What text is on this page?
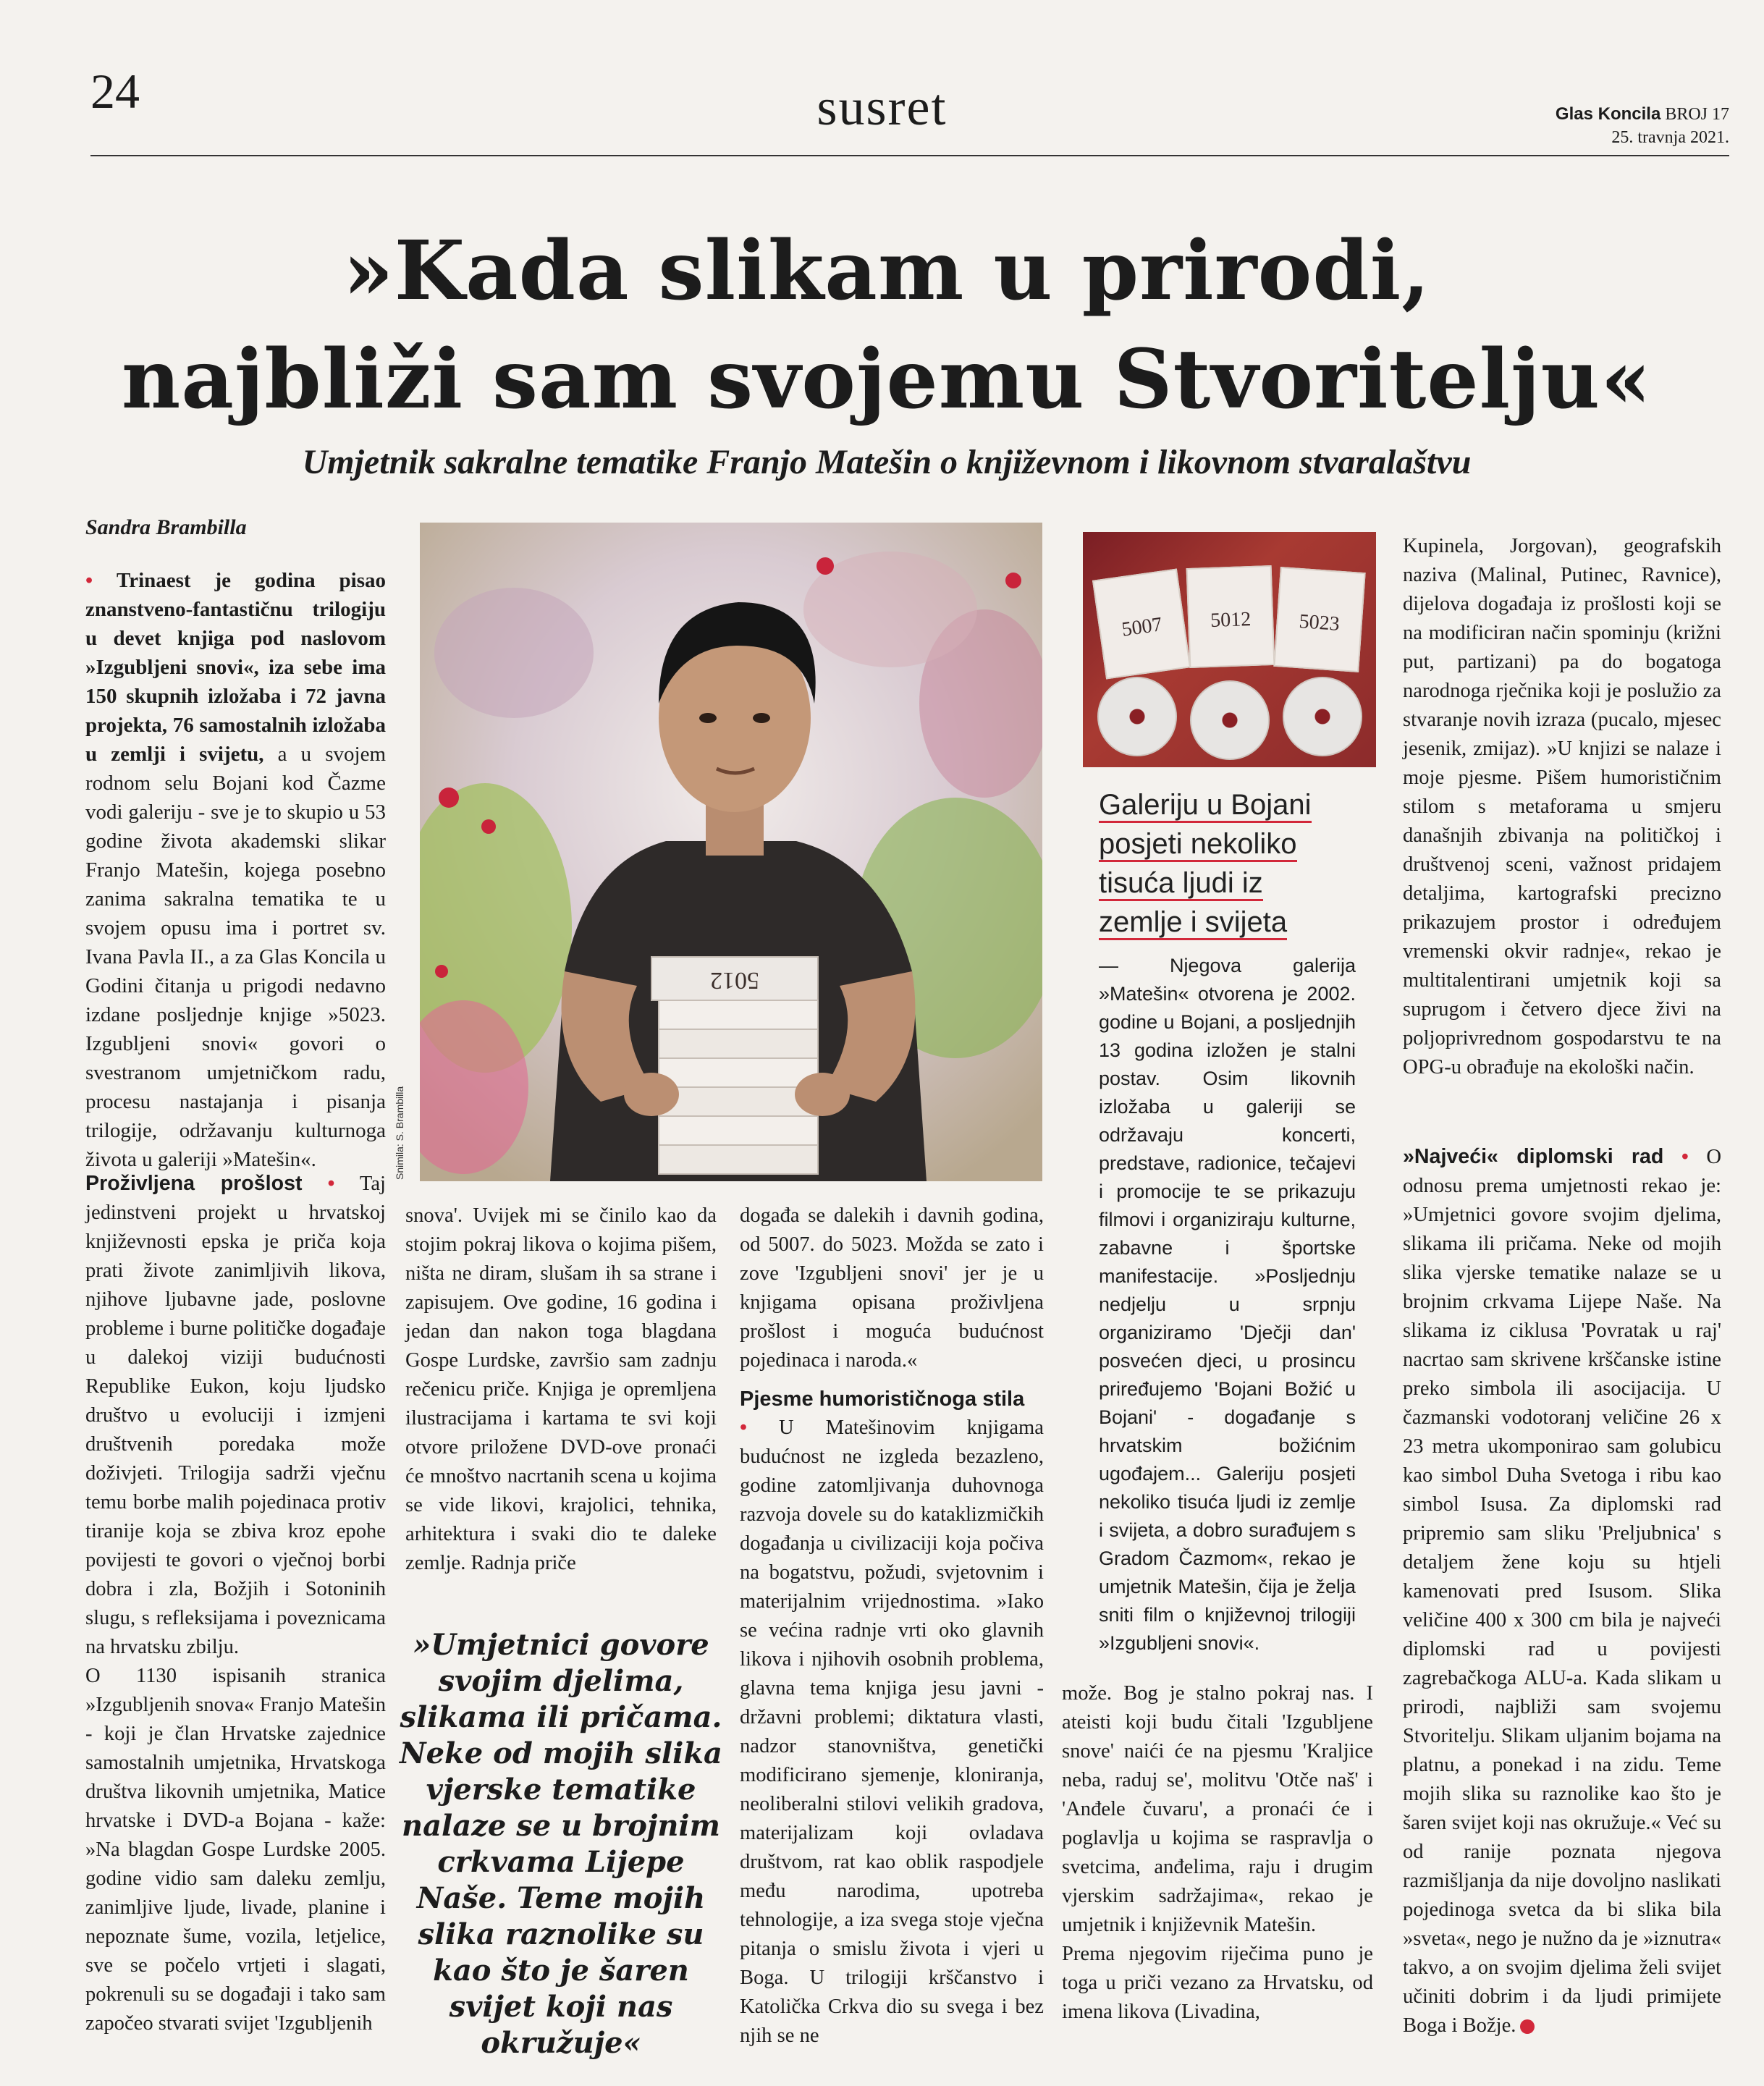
24	susret	Glas Koncila BROJ 17
25. travnja 2021.
»Kada slikam u prirodi,
najbliži sam svojemu Stvoritelju«
Umjetnik sakralne tematike Franjo Matešin o književnom i likovnom stvaralaštvu
Sandra Brambilla

• Trinaest je godina pisao znanstveno-fantastičnu trilogiju u devet knjiga pod naslovom »Izgubljeni snovi«, iza sebe ima 150 skupnih izložaba i 72 javna projekta, 76 samostalnih izložaba u zemlji i svijetu, a u svojem rodnom selu Bojani kod Čazme vodi galeriju - sve je to skupio u 53 godine života akademski slikar Franjo Matešin, kojega posebno zanima sakralna tematika te u svojem opusu ima i portret sv. Ivana Pavla II., a za Glas Koncila u Godini čitanja u prigodi nedavno izdane posljednje knjige »5023. Izgubljeni snovi« govori o svestranom umjetničkom radu, procesu nastajanja i pisanja trilogije, održavanju kulturnoga života u galeriji »Matešin«.

Proživljena prošlost • Taj jedinstveni projekt u hrvatskoj književnosti epska je priča koja prati živote zanimljivih likova, njihove ljubavne jade, poslovne probleme i burne političke događaje u dalekoj viziji budućnosti Republike Eukon, koju ljudsko društvo u evoluciji i izmjeni društvenih poredaka može doživjeti. Trilogija sadrži vječnu temu borbe malih pojedinaca protiv tiranije koja se zbiva kroz epohe povijesti te govori o vječnoj borbi dobra i zla, Božjih i Sotoninih slugu, s refleksijama i poveznicama na hrvatsku zbilju.

O 1130 ispisanih stranica »Izgubljenih snova« Franjo Matešin - koji je član Hrvatske zajednice samostalnih umjetnika, Hrvatskoga društva likovnih umjetnika, Matice hrvatske i DVD-a Bojana - kaže: »Na blagdan Gospe Lurdske 2005. godine vidio sam daleku zemlju, zanimljive ljude, livade, planine i nepoznate šume, vozila, letjelice, sve se počelo vrtjeti i slagati, pokrenuli su se događaji i tako sam započeo stvarati svijet 'Izgubljenih

5012
Snimila: S. Brambilla

snova'. Uvijek mi se činilo kao da stojim pokraj likova o kojima pišem, ništa ne diram, slušam ih sa strane i zapisujem. Ove godine, 16 godina i jedan dan nakon toga blagdana Gospe Lurdske, završio sam zadnju rečenicu priče. Knjiga je opremljena ilustracijama i kartama te svi koji otvore priložene DVD-ove pronaći će mnoštvo nacrtanih scena u kojima se vide likovi, krajolici, tehnika, arhitektura i svaki dio te daleke zemlje. Radnja priče

»Umjetnici govore svojim djelima, slikama ili pričama. Neke od mojih slika vjerske tematike nalaze se u brojnim crkvama Lijepe Naše. Teme mojih slika raznolike su kao što je šaren svijet koji nas okružuje«

događa se dalekih i davnih godina, od 5007. do 5023. Možda se zato i zove 'Izgubljeni snovi' jer je u knjigama opisana proživljena prošlost i moguća budućnost pojedinaca i naroda.«

Pjesme humorističnoga stila

• U Matešinovim knjigama budućnost ne izgleda bezazleno, godine zatomljivanja duhovnoga razvoja dovele su do kataklizmičkih događanja u civilizaciji koja počiva na bogatstvu, požudi, svjetovnim i materijalnim vrijednostima. »Iako se većina radnje vrti oko glavnih likova i njihovih osobnih problema, glavna tema knjiga jesu javni - državni problemi; diktatura vlasti, nadzor stanovništva, genetički modificirano sjemenje, kloniranja, neoliberalni stilovi velikih gradova, materijalizam koji ovladava društvom, rat kao oblik raspodjele među narodima, upotreba tehnologije, a iza svega stoje vječna pitanja o smislu života i vjeri u Boga. U trilogiji krščanstvo i Katolička Crkva dio su svega i bez njih se ne

5007	5012	5023
Galeriju u Bojani
posjeti nekoliko
tisuća ljudi iz
zemlje i svijeta

— Njegova galerija »Matešin« otvorena je 2002. godine u Bojani, a posljednjih 13 godina izložen je stalni postav. Osim likovnih izložaba u galeriji se održavaju koncerti, predstave, radionice, tečajevi i promocije te se prikazuju filmovi i organiziraju kulturne, zabavne i športske manifestacije. »Posljednju nedjelju u srpnju organiziramo 'Dječji dan' posvećen djeci, u prosincu priređujemo 'Bojani Božić u Bojani' - događanje s hrvatskim božićnim ugođajem... Galeriju posjeti nekoliko tisuća ljudi iz zemlje i svijeta, a dobro surađujem s Gradom Čazmom«, rekao je umjetnik Matešin, čija je želja sniti film o književnoj trilogiji »Izgubljeni snovi«.

može. Bog je stalno pokraj nas. I ateisti koji budu čitali 'Izgubljene snove' naići će na pjesmu 'Kraljice neba, raduj se', molitvu 'Otče naš' i 'Anđele čuvaru', a pronaći će i poglavlja u kojima se raspravlja o svetcima, anđelima, raju i drugim vjerskim sadržajima«, rekao je umjetnik i književnik Matešin.

Prema njegovim riječima puno je toga u priči vezano za Hrvatsku, od imena likova (Livadina,

Kupinela, Jorgovan), geografskih naziva (Malinal, Putinec, Ravnice), dijelova događaja iz prošlosti koji se na modificiran način spominju (križni put, partizani) pa do bogatoga narodnoga rječnika koji je poslužio za stvaranje novih izraza (pucalo, mjesec jesenik, zmijaz). »U knjizi se nalaze i moje pjesme. Pišem humorističnim stilom s metaforama u smjeru današnjih zbivanja na političkoj i društvenoj sceni, važnost pridajem detaljima, kartografski precizno prikazujem prostor i određujem vremenski okvir radnje«, rekao je multitalentirani umjetnik koji sa suprugom i četvero djece živi na poljoprivrednom gospodarstvu te na OPG-u obrađuje na ekološki način.

»Najveći« diplomski rad • O odnosu prema umjetnosti rekao je: »Umjetnici govore svojim djelima, slikama ili pričama. Neke od mojih slika vjerske tematike nalaze se u brojnim crkvama Lijepe Naše. Na slikama iz ciklusa 'Povratak u raj' nacrtao sam skrivene krščanske istine preko simbola ili asocijacija. U čazmanski vodotoranj veličine 26 x 23 metra ukomponirao sam golubicu kao simbol Duha Svetoga i ribu kao simbol Isusa. Za diplomski rad pripremio sam sliku 'Preljubnica' s detaljem žene koju su htjeli kamenovati pred Isusom. Slika veličine 400 x 300 cm bila je najveći diplomski rad u povijesti zagrebačkoga ALU-a. Kada slikam u prirodi, najbliži sam svojemu Stvoritelju. Slikam uljanim bojama na platnu, a ponekad i na zidu. Teme mojih slika su raznolike kao što je šaren svijet koji nas okružuje.« Već su od ranije poznata njegova razmišljanja da nije dovoljno naslikati pojedinoga svetca da bi slika bila »sveta«, nego je nužno da je »iznutra« takvo, a on svojim djelima želi svijet učiniti dobrim i da ljudi primijete Boga i Božje.
